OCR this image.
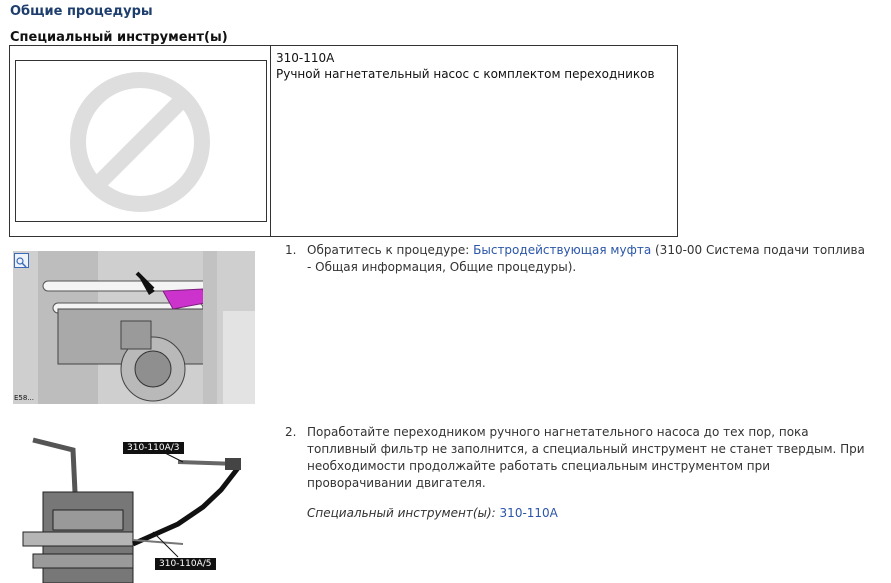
Общие процедуры
Специальный инструмент(ы)
310-110A
Ручной нагнетательный насос с комплектом переходников
E58...
1. Обратитесь к процедуре: Быстродействующая муфта (310-00 Система подачи топлива - Общая информация, Общие процедуры).
310-110A/3
310-110A/5
2. Поработайте переходником ручного нагнетательного насоса до тех пор, пока топливный фильтр не заполнится, а специальный инструмент не станет твердым. При необходимости продолжайте работать специальным инструментом при проворачивании двигателя.
Специальный инструмент(ы): 310-110A
